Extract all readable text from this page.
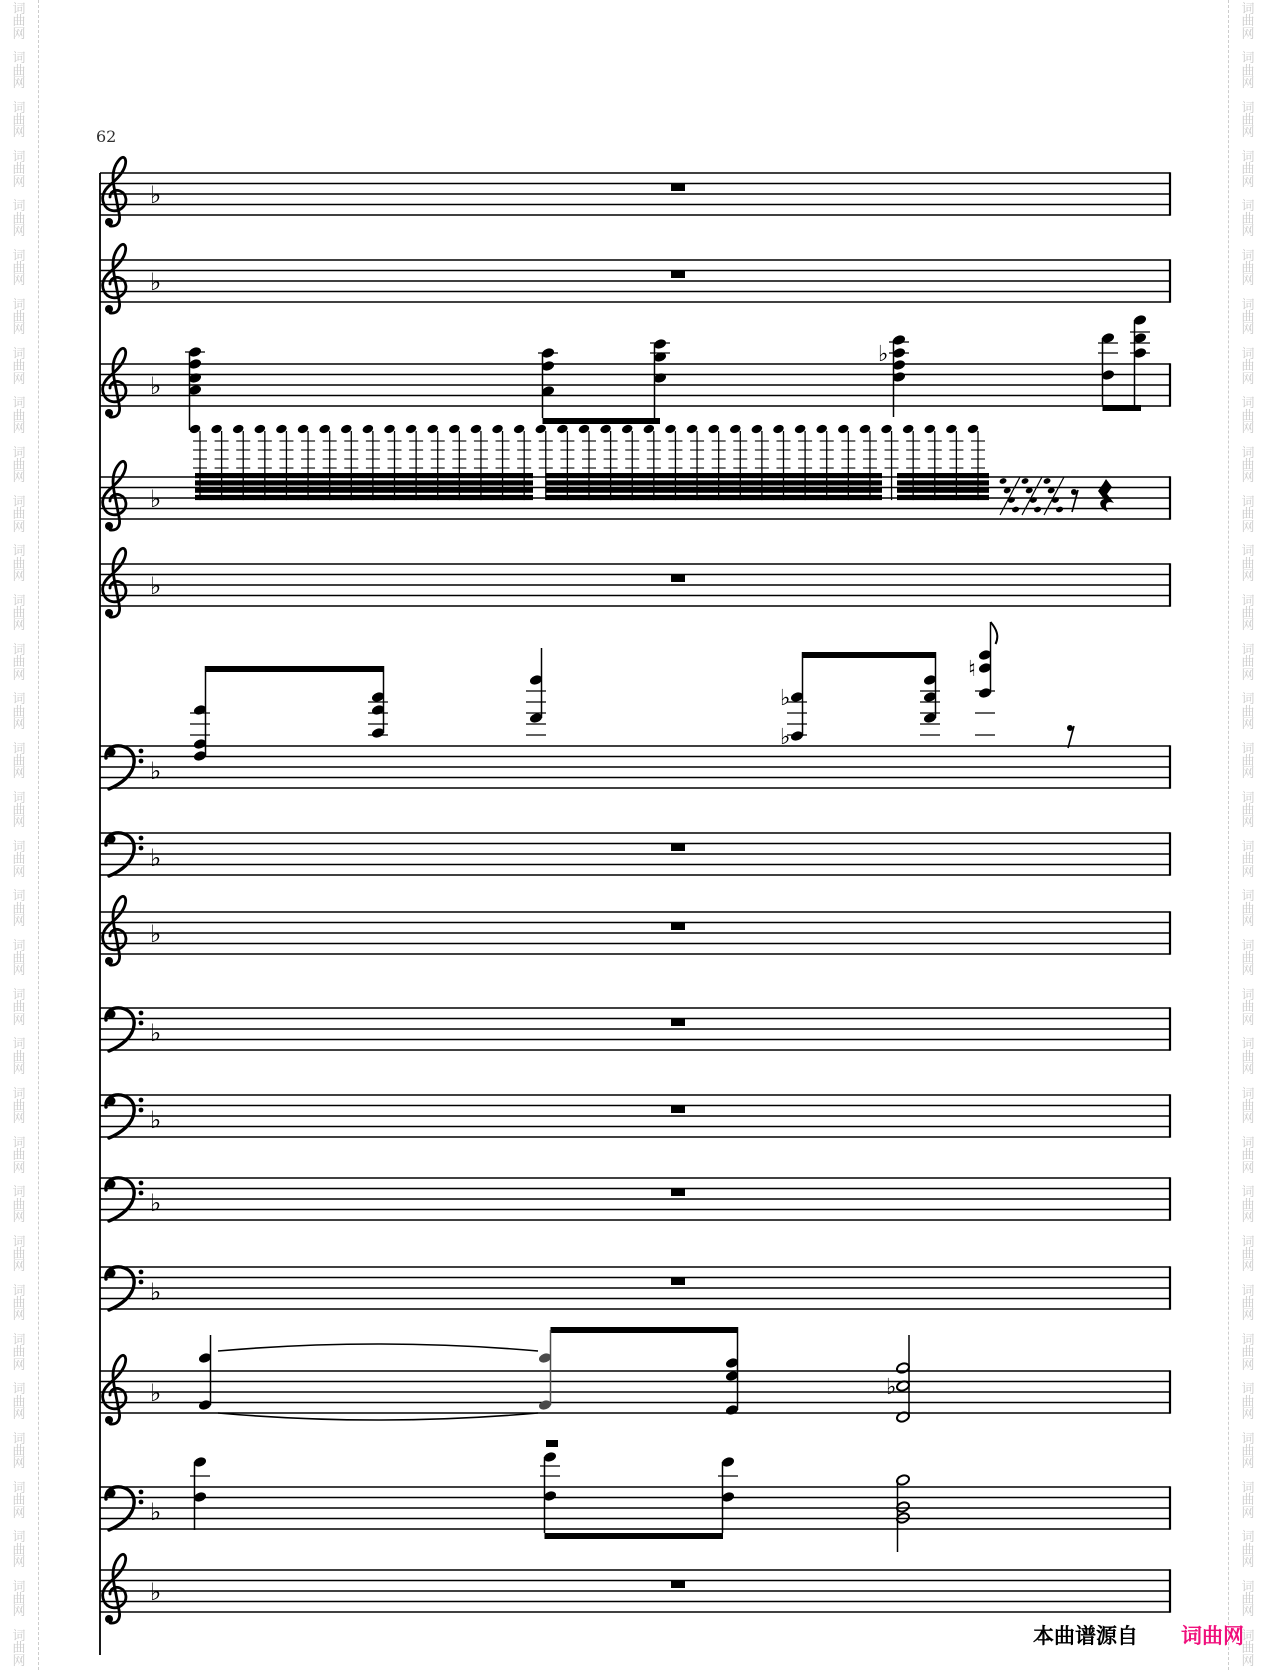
词
曲
网
词
曲
网
词
曲
网
词
曲
网
词
曲
网
词
曲
网
词
曲
网
词
曲
网
词
曲
网
词
曲
网
词
曲
网
词
曲
网
词
曲
网
词
曲
网
词
曲
网
词
曲
网
词
曲
网
词
曲
网
词
曲
网
词
曲
网
词
曲
网
词
曲
网
词
曲
网
词
曲
网
词
曲
网
词
曲
网
词
曲
网
词
曲
网
词
曲
网
词
曲
网
词
曲
网
词
曲
网
词
曲
网
词
曲
网
词
曲
网
词
曲
网
词
曲
网
词
曲
网
词
曲
网
词
曲
网
词
曲
网
词
曲
网
词
曲
网
词
曲
网
词
曲
网
词
曲
网
词
曲
网
词
曲
网
词
曲
网
词
曲
网
词
曲
网
词
曲
网
词
曲
网
词
曲
网
词
曲
网
词
曲
网
词
曲
网
词
曲
网
词
曲
网
词
曲
网
词
曲
网
词
曲
网
词
曲
网
词
曲
网
词
曲
网
词
曲
网
词
曲
网
词
曲
网
62
♭
♭
♭
♭
♭
♭
♭
♭
♭
♭
♭
♭
♭
♭
♭
♭
♭
♭
♮
♭
本曲谱源自 词曲网
